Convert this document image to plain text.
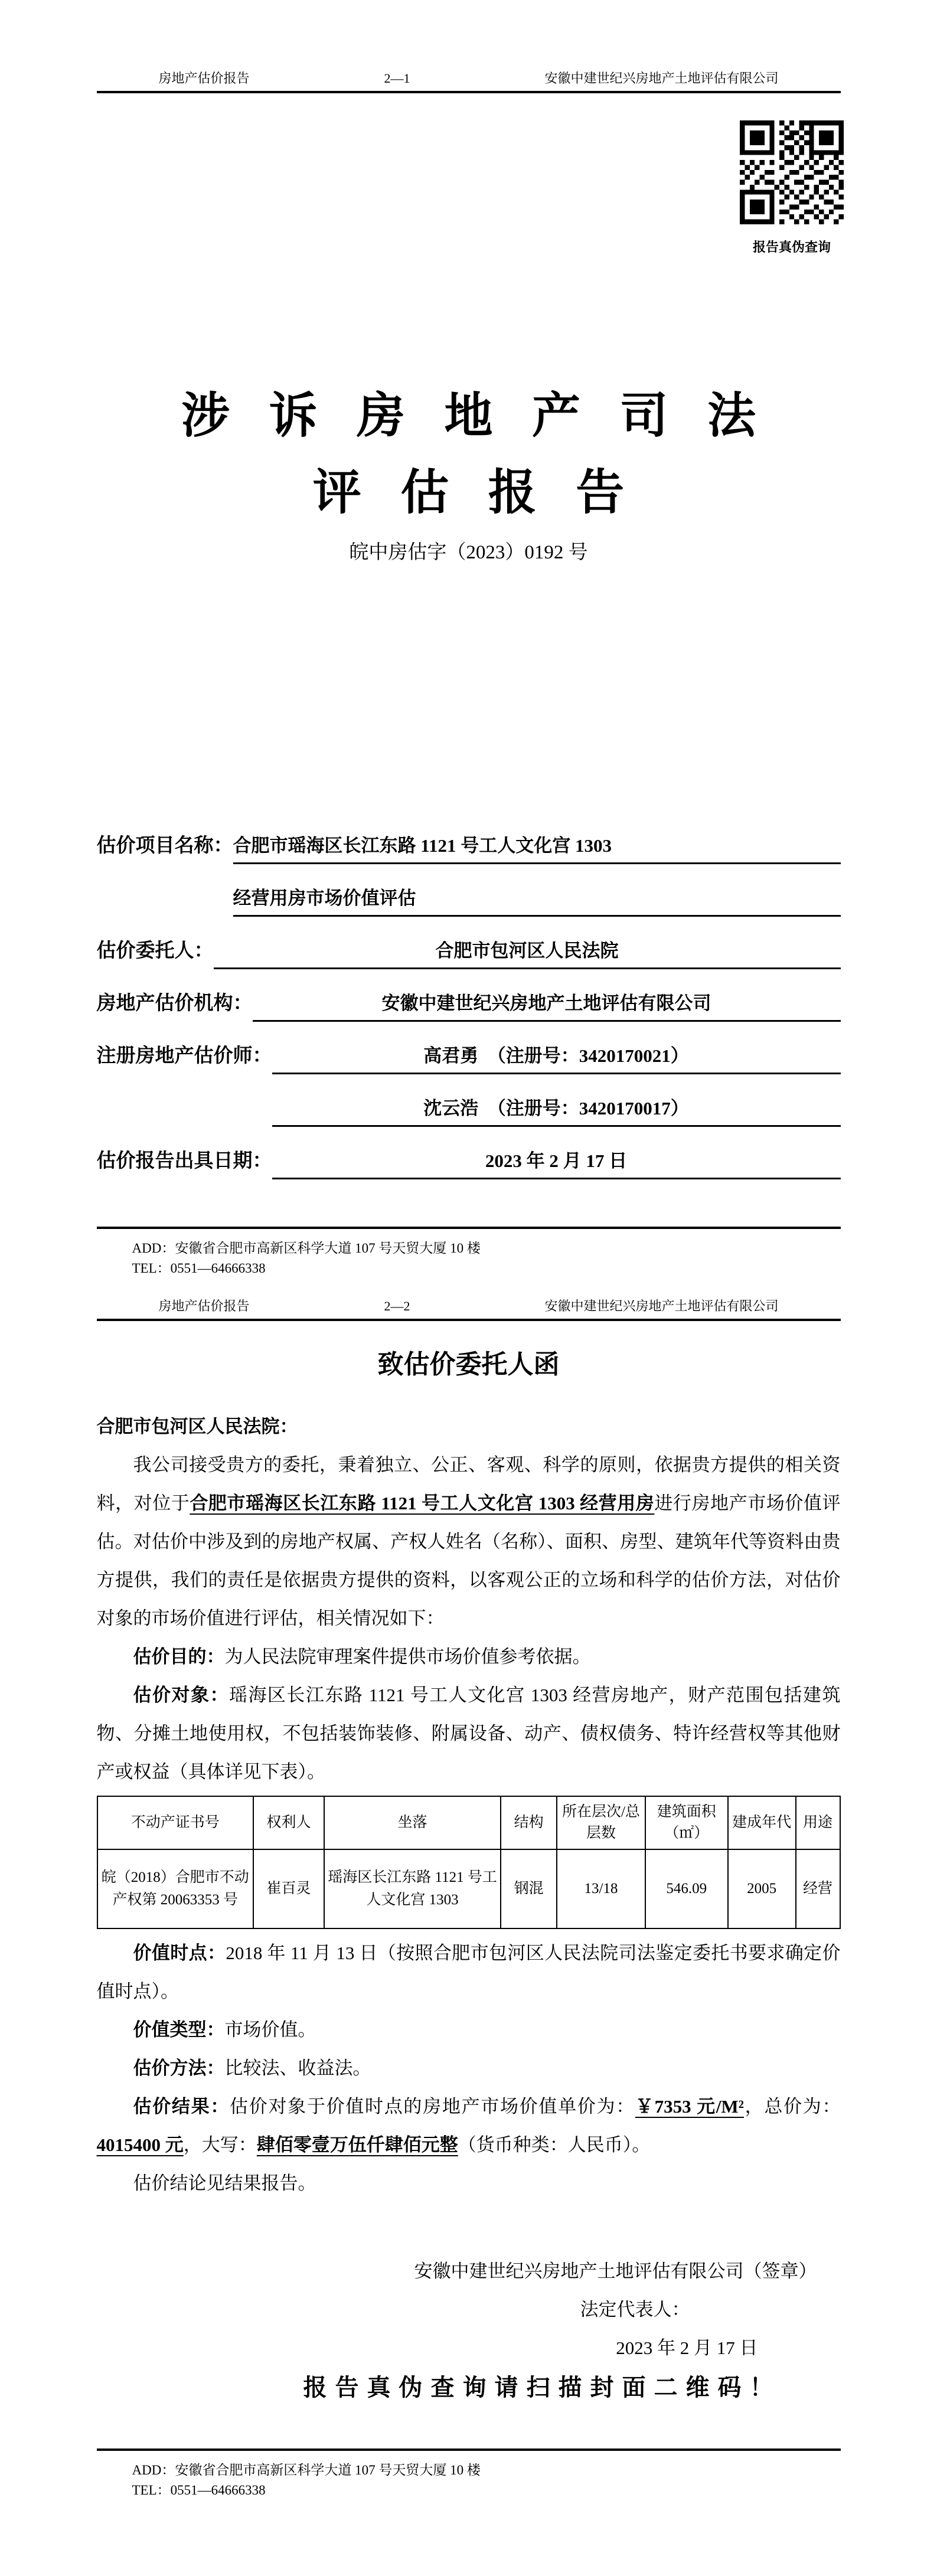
房地产估价报告	2—1	安徽中建世纪兴房地产土地评估有限公司
报告真伪查询
涉 诉 房 地 产 司 法
评 估 报 告
皖中房估字（2023）0192 号
估价项目名称： 合肥市瑶海区长江东路 1121 号工人文化宫 1303
经营用房市场价值评估
估价委托人：	合肥市包河区人民法院
房地产估价机构：	安徽中建世纪兴房地产土地评估有限公司
注册房地产估价师：	高君勇　（注册号：3420170021）
沈云浩　（注册号：3420170017）
估价报告出具日期：	2023 年 2 月 17 日
ADD：安徽省合肥市高新区科学大道 107 号天贸大厦 10 楼
TEL：0551—64666338
房地产估价报告	2—2	安徽中建世纪兴房地产土地评估有限公司
致估价委托人函

合肥市包河区人民法院：

我公司接受贵方的委托，秉着独立、公正、客观、科学的原则，依据贵方提供的相关资料，对位于合肥市瑶海区长江东路 1121 号工人文化宫 1303 经营用房进行房地产市场价值评估。对估价中涉及到的房地产权属、产权人姓名（名称）、面积、房型、建筑年代等资料由贵方提供，我们的责任是依据贵方提供的资料，以客观公正的立场和科学的估价方法，对估价对象的市场价值进行评估，相关情况如下：

估价目的：为人民法院审理案件提供市场价值参考依据。

估价对象：瑶海区长江东路 1121 号工人文化宫 1303 经营房地产，财产范围包括建筑物、分摊土地使用权，不包括装饰装修、附属设备、动产、债权债务、特许经营权等其他财产或权益（具体详见下表）。

不动产证书号	权利人	坐落	结构	所在层次/总层数	建筑面积（㎡）	建成年代	用途
皖（2018）合肥市不动产权第 20063353 号	崔百灵	瑶海区长江东路 1121 号工人文化宫 1303	钢混	13/18	546.09	2005	经营

价值时点：2018 年 11 月 13 日（按照合肥市包河区人民法院司法鉴定委托书要求确定价值时点）。

价值类型：市场价值。

估价方法：比较法、收益法。

估价结果：估价对象于价值时点的房地产市场价值单价为：￥7353 元/M²，总价为：4015400 元，大写：肆佰零壹万伍仟肆佰元整（货币种类：人民币）。

估价结论见结果报告。

安徽中建世纪兴房地产土地评估有限公司（签章）

法定代表人：

2023 年 2 月 17 日

报告真伪查询请扫描封面二维码！

ADD：安徽省合肥市高新区科学大道 107 号天贸大厦 10 楼
TEL：0551—64666338
